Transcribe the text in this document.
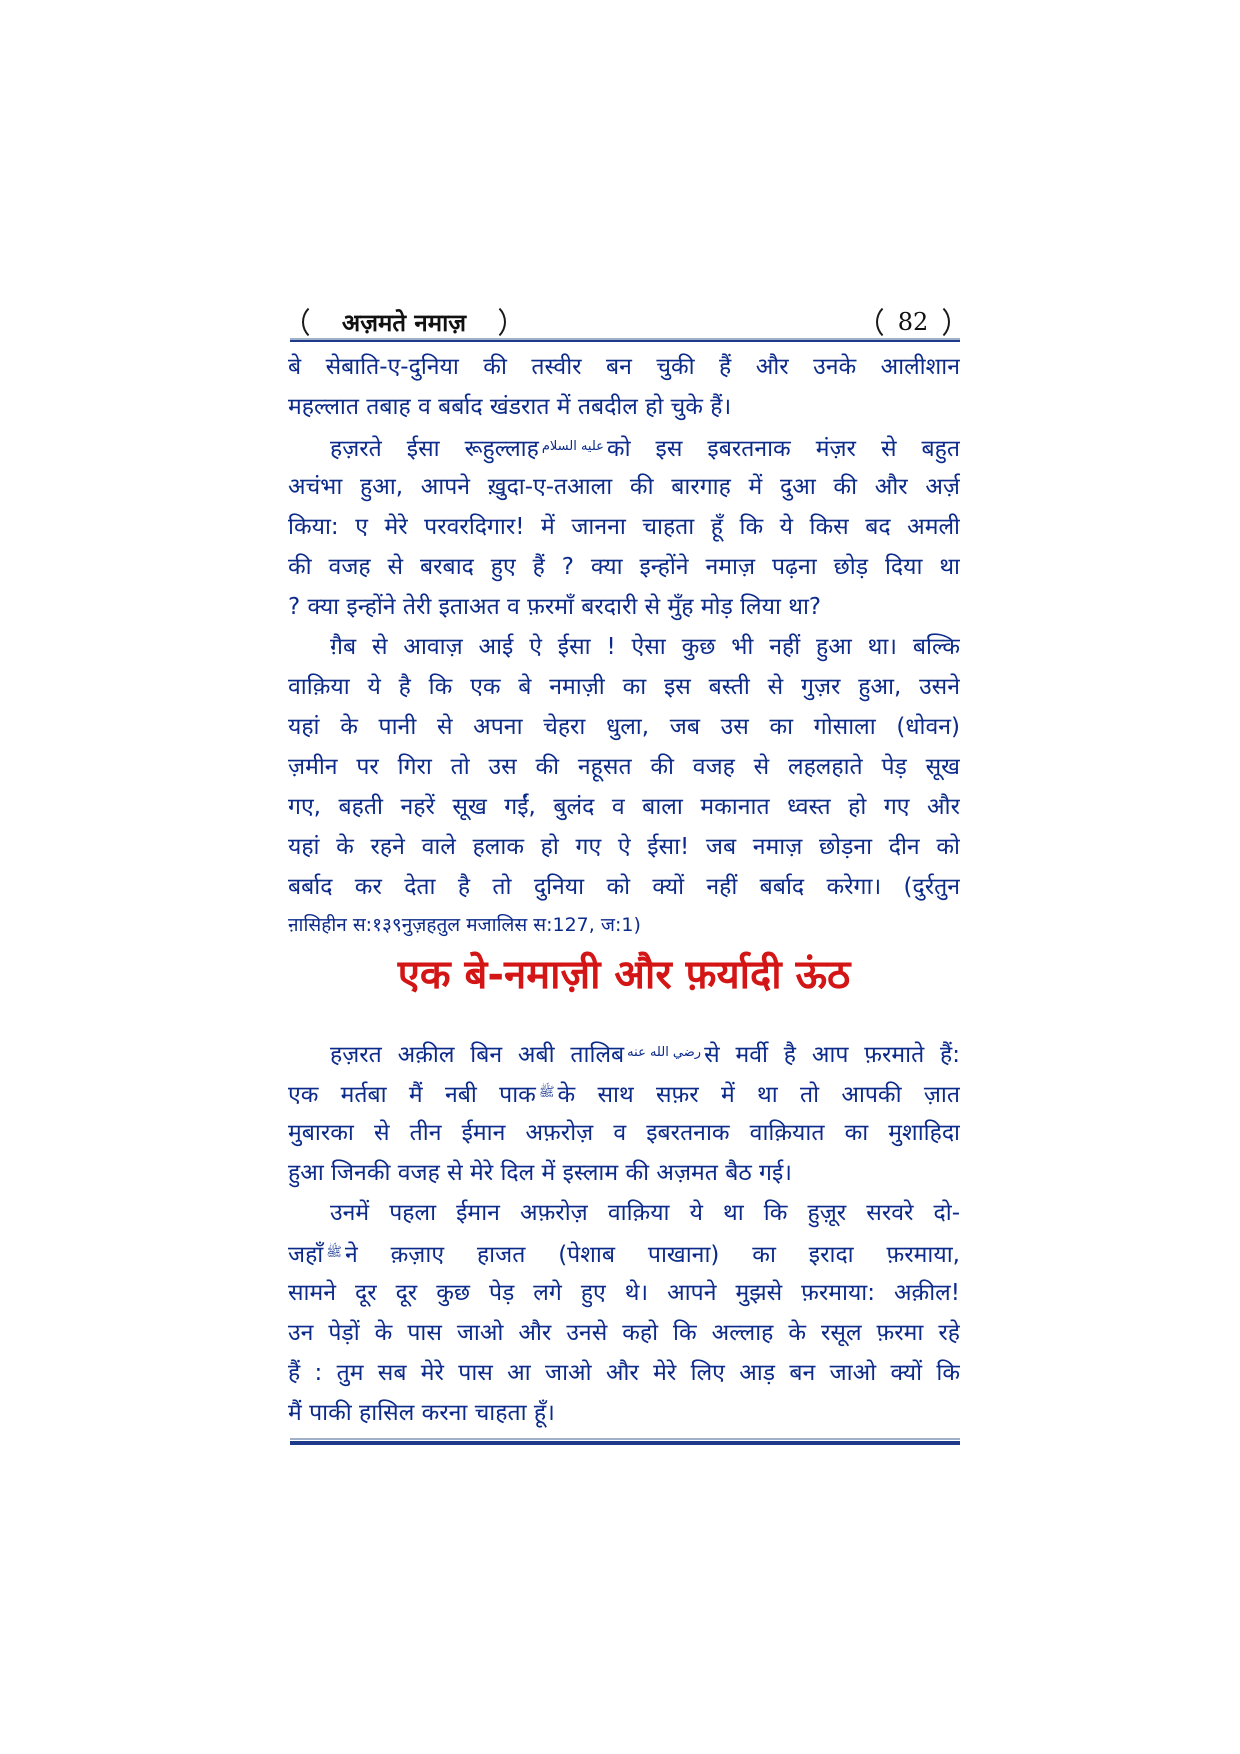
अज़मते नमाज़	82
बे सेबाति-ए-दुनिया की तस्वीर बन चुकी हैं और उनके आलीशान
महल्लात तबाह व बर्बाद खंडरात में तबदील हो चुके हैं।
हज़रते ईसा रूहुल्लाह عليه السلام को इस इबरतनाक मंज़र से बहुत
अचंभा हुआ, आपने ख़ुदा-ए-तआला की बारगाह में दुआ की और अर्ज़
किया: ए मेरे परवरदिगार! में जानना चाहता हूँ कि ये किस बद अमली
की वजह से बरबाद हुए हैं ? क्या इन्होंने नमाज़ पढ़ना छोड़ दिया था
? क्या इन्होंने तेरी इताअत व फ़रमाँ बरदारी से मुँह मोड़ लिया था?
ग़ैब से आवाज़ आई ऐ ईसा ! ऐसा कुछ भी नहीं हुआ था। बल्कि
वाक़िया ये है कि एक बे नमाज़ी का इस बस्ती से गुज़र हुआ, उसने
यहां के पानी से अपना चेहरा धुला, जब उस का गोसाला (धोवन)
ज़मीन पर गिरा तो उस की नहूसत की वजह से लहलहाते पेड़ सूख
गए, बहती नहरें सूख गईं, बुलंद व बाला मकानात ध्वस्त हो गए और
यहां के रहने वाले हलाक हो गए ऐ ईसा! जब नमाज़ छोड़ना दीन को
बर्बाद कर देता है तो दुनिया को क्यों नहीं बर्बाद करेगा। (दुर्रतुन
ऩासिहीन स:१३९नुज़हतुल मजालिस स:127, ज:1)
एक बे-नमाज़ी और फ़र्यादी ऊंठ
हज़रत अक़ील बिन अबी तालिब رضي الله عنه से मर्वी है आप फ़रमाते हैं:
एक मर्तबा मैं नबी पाक ﷺ के साथ सफ़र में था तो आपकी ज़ात
मुबारका से तीन ईमान अफ़रोज़ व इबरतनाक वाक़ियात का मुशाहिदा
हुआ जिनकी वजह से मेरे दिल में इस्लाम की अज़मत बैठ गई।
उनमें पहला ईमान अफ़रोज़ वाक़िया ये था कि हुज़ूर सरवरे दो-
जहाँ ﷺ ने क़ज़ाए हाजत (पेशाब पाखाना) का इरादा फ़रमाया,
सामने दूर दूर कुछ पेड़ लगे हुए थे। आपने मुझसे फ़रमाया: अक़ील!
उन पेड़ों के पास जाओ और उनसे कहो कि अल्लाह के रसूल फ़रमा रहे
हैं : तुम सब मेरे पास आ जाओ और मेरे लिए आड़ बन जाओ क्यों कि
मैं पाकी हासिल करना चाहता हूँ।
